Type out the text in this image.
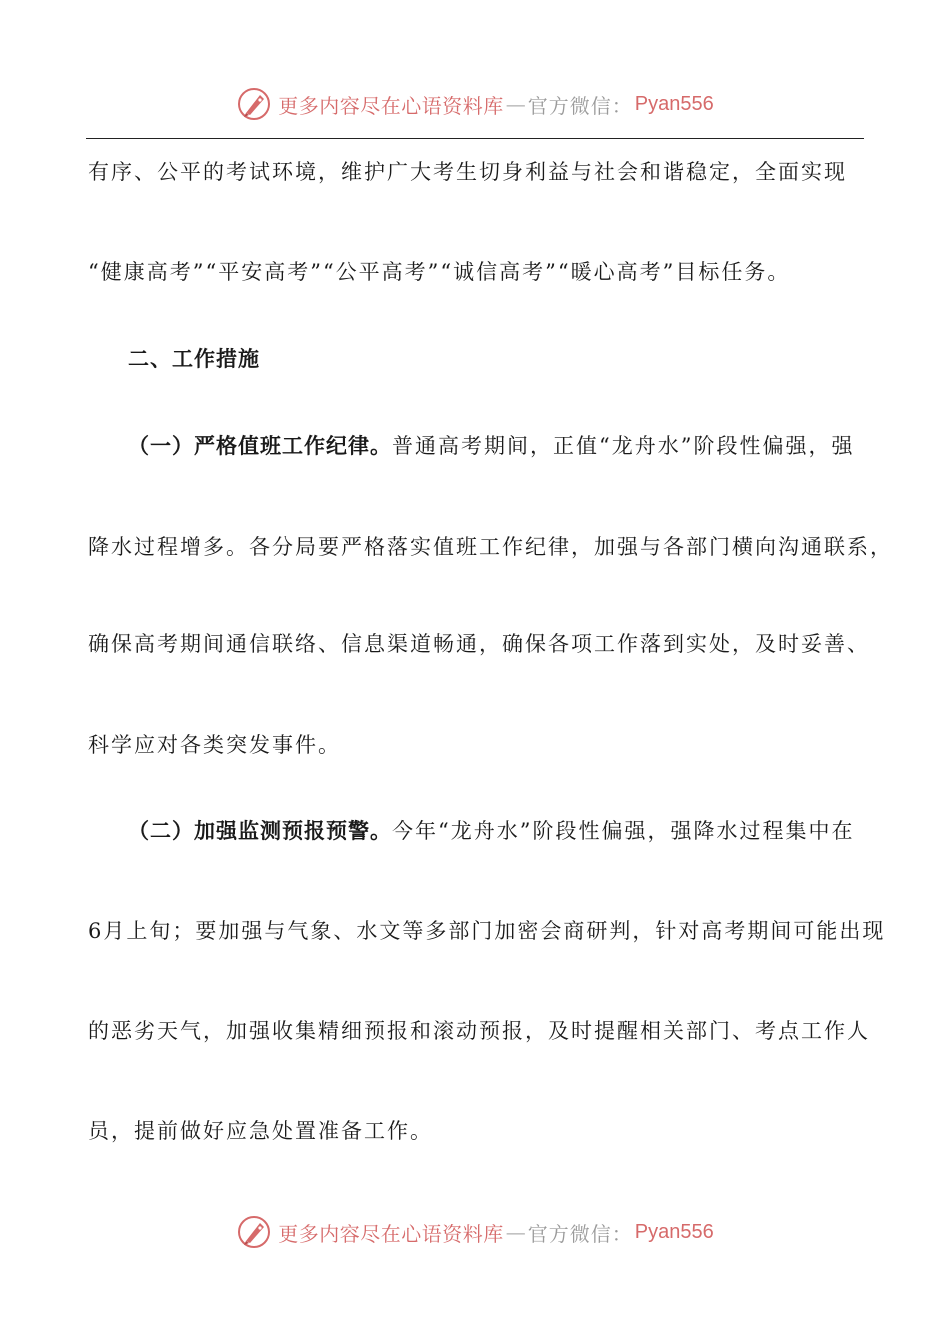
更多内容尽在心语资料库 — 官方微信： Pyan556
有序、公平的考试环境，维护广大考生切身利益与社会和谐稳定，全面实现
“健康高考”“平安高考”“公平高考”“诚信高考”“暖心高考”目标任务。
二、工作措施
（一）严格值班工作纪律。普通高考期间，正值“龙舟水”阶段性偏强，强
降水过程增多。各分局要严格落实值班工作纪律，加强与各部门横向沟通联系，
确保高考期间通信联络、信息渠道畅通，确保各项工作落到实处，及时妥善、
科学应对各类突发事件。
（二）加强监测预报预警。今年“龙舟水”阶段性偏强，强降水过程集中在
6月上旬；要加强与气象、水文等多部门加密会商研判，针对高考期间可能出现
的恶劣天气，加强收集精细预报和滚动预报，及时提醒相关部门、考点工作人
员，提前做好应急处置准备工作。
更多内容尽在心语资料库 — 官方微信： Pyan556
